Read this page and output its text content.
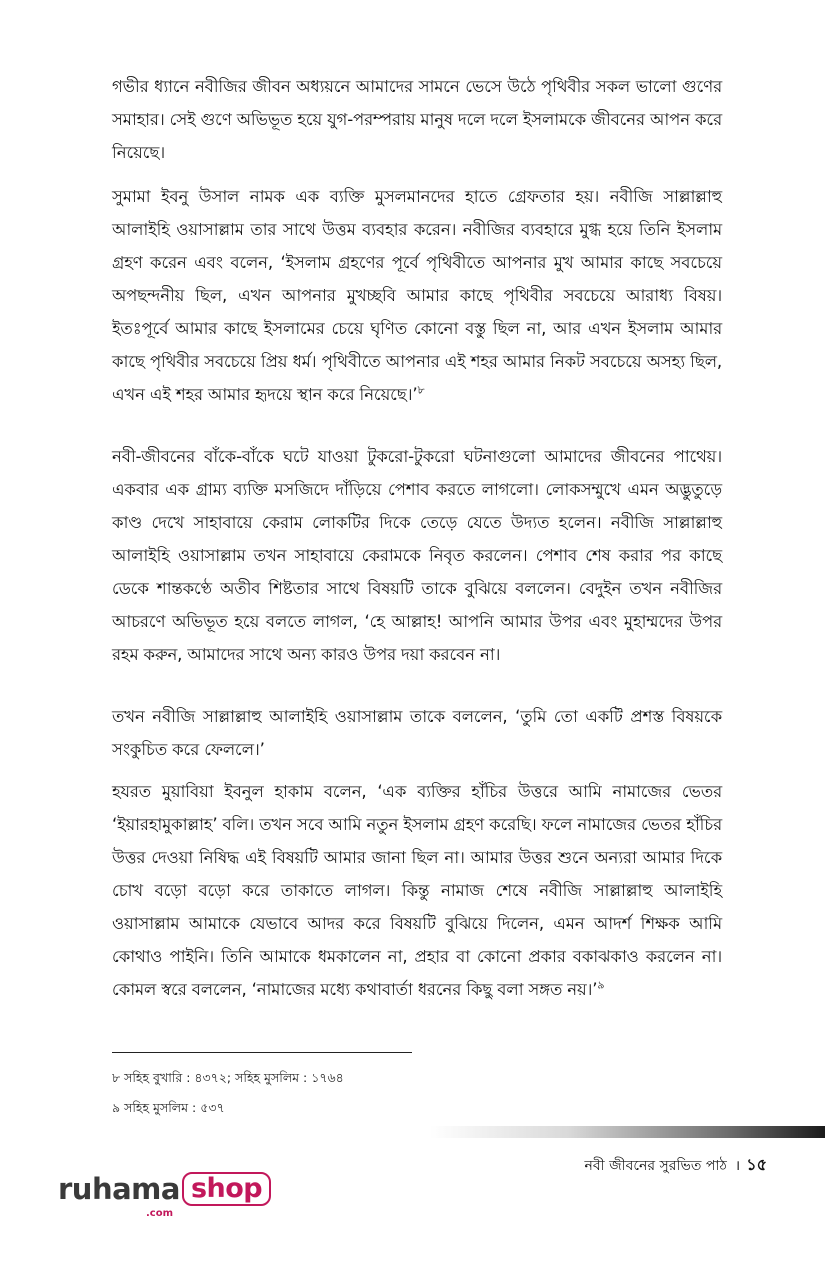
গভীর ধ্যানে নবীজির জীবন অধ্যয়নে আমাদের সামনে ভেসে উঠে পৃথিবীর সকল ভালো গুণের সমাহার। সেই গুণে অভিভূত হয়ে যুগ-পরম্পরায় মানুষ দলে দলে ইসলামকে জীবনের আপন করে নিয়েছে।

সুমামা ইবনু উসাল নামক এক ব্যক্তি মুসলমানদের হাতে গ্রেফতার হয়। নবীজি সাল্লাল্লাহু আলাইহি ওয়াসাল্লাম তার সাথে উত্তম ব্যবহার করেন। নবীজির ব্যবহারে মুগ্ধ হয়ে তিনি ইসলাম গ্রহণ করেন এবং বলেন, ‘ইসলাম গ্রহণের পূর্বে পৃথিবীতে আপনার মুখ আমার কাছে সবচেয়ে অপছন্দনীয় ছিল, এখন আপনার মুখচ্ছবি আমার কাছে পৃথিবীর সবচেয়ে আরাধ্য বিষয়। ইতঃপূর্বে আমার কাছে ইসলামের চেয়ে ঘৃণিত কোনো বস্তু ছিল না, আর এখন ইসলাম আমার কাছে পৃথিবীর সবচেয়ে প্রিয় ধর্ম। পৃথিবীতে আপনার এই শহর আমার নিকট সবচেয়ে অসহ্য ছিল, এখন এই শহর আমার হৃদয়ে স্থান করে নিয়েছে।’$^৮$

নবী-জীবনের বাঁকে-বাঁকে ঘটে যাওয়া টুকরো-টুকরো ঘটনাগুলো আমাদের জীবনের পাথেয়। একবার এক গ্রাম্য ব্যক্তি মসজিদে দাঁড়িয়ে পেশাব করতে লাগলো। লোকসম্মুখে এমন অদ্ভুতুড়ে কাণ্ড দেখে সাহাবায়ে কেরাম লোকটির দিকে তেড়ে যেতে উদ্যত হলেন। নবীজি সাল্লাল্লাহু আলাইহি ওয়াসাল্লাম তখন সাহাবায়ে কেরামকে নিবৃত করলেন। পেশাব শেষ করার পর কাছে ডেকে শান্তকণ্ঠে অতীব শিষ্টতার সাথে বিষয়টি তাকে বুঝিয়ে বললেন। বেদুইন তখন নবীজির আচরণে অভিভূত হয়ে বলতে লাগল, ‘হে আল্লাহ! আপনি আমার উপর এবং মুহাম্মদের উপর রহম করুন, আমাদের সাথে অন্য কারও উপর দয়া করবেন না।

তখন নবীজি সাল্লাল্লাহু আলাইহি ওয়াসাল্লাম তাকে বললেন, ‘তুমি তো একটি প্রশস্ত বিষয়কে সংকুচিত করে ফেললে।’

হযরত মুয়াবিয়া ইবনুল হাকাম বলেন, ‘এক ব্যক্তির হাঁচির উত্তরে আমি নামাজের ভেতর ‘ইয়ারহামুকাল্লাহ’ বলি। তখন সবে আমি নতুন ইসলাম গ্রহণ করেছি। ফলে নামাজের ভেতর হাঁচির উত্তর দেওয়া নিষিদ্ধ এই বিষয়টি আমার জানা ছিল না। আমার উত্তর শুনে অন্যরা আমার দিকে চোখ বড়ো বড়ো করে তাকাতে লাগল। কিন্তু নামাজ শেষে নবীজি সাল্লাল্লাহু আলাইহি ওয়াসাল্লাম আমাকে যেভাবে আদর করে বিষয়টি বুঝিয়ে দিলেন, এমন আদর্শ শিক্ষক আমি কোথাও পাইনি। তিনি আমাকে ধমকালেন না, প্রহার বা কোনো প্রকার বকাঝকাও করলেন না। কোমল স্বরে বললেন, ‘নামাজের মধ্যে কথাবার্তা ধরনের কিছু বলা সঙ্গত নয়।’$^৯$

৮ সহিহ বুখারি : ৪৩৭২; সহিহ মুসলিম : ১৭৬৪
৯ সহিহ মুসলিম : ৫৩৭
নবী জীবনের সুরভিত পাঠ । ১৫
ruhama shop
.com
